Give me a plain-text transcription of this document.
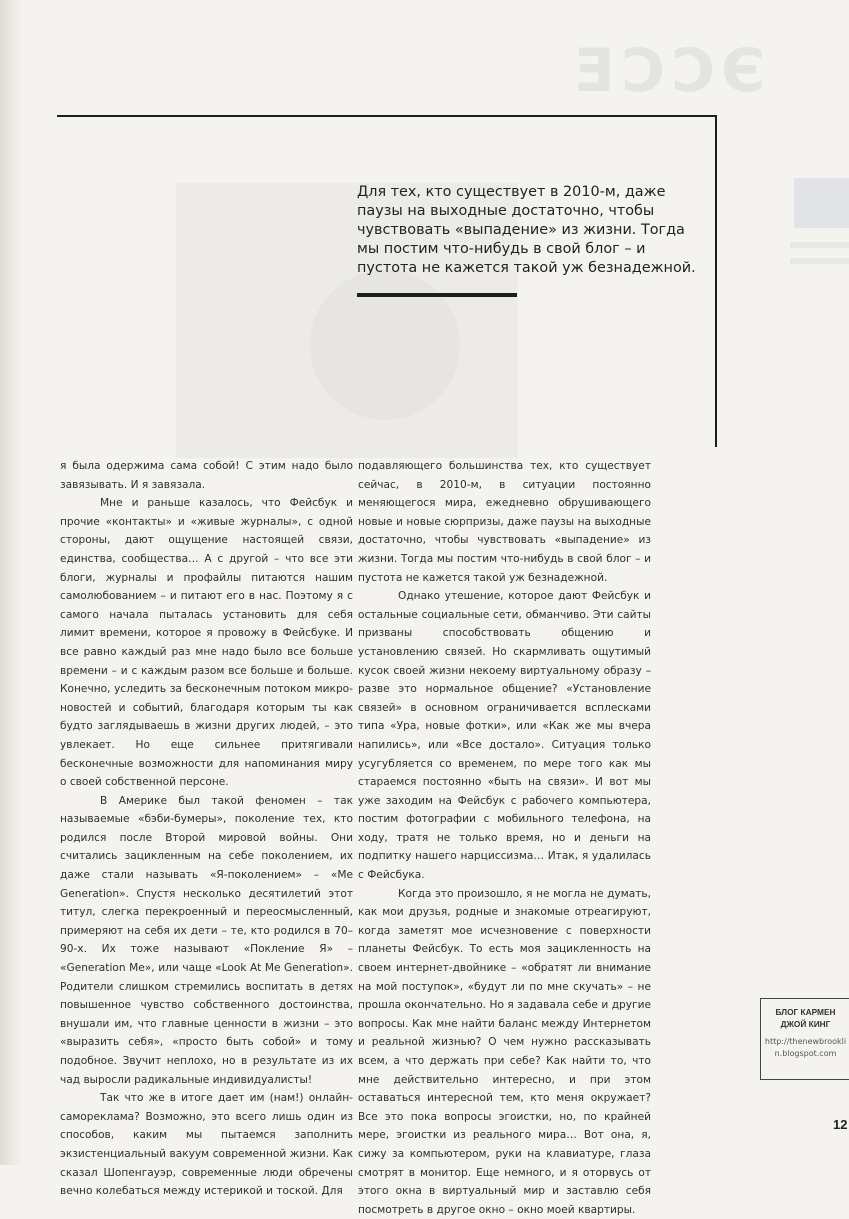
ЭССЕ

Для тех, кто существует в 2010-м, даже паузы на выходные достаточно, чтобы чувствовать «выпадение» из жизни. Тогда мы постим что-нибудь в свой блог – и пустота не кажется такой уж безнадежной.

я была одержима сама собой! С этим надо было завязывать. И я завязала.

Мне и раньше казалось, что Фейсбук и прочие «контакты» и «живые журналы», с одной стороны, дают ощущение настоящей связи, единства, сообщества… А с другой – что все эти блоги, журналы и профайлы питаются нашим самолюбованием – и питают его в нас. Поэтому я с самого начала пыталась установить для себя лимит времени, которое я провожу в Фейсбуке. И все равно каждый раз мне надо было все больше времени – и с каждым разом все больше и больше. Конечно, уследить за бесконечным потоком микро-новостей и событий, благодаря которым ты как будто заглядываешь в жизни других людей, – это увлекает. Но еще сильнее притягивали бесконечные возможности для напоминания миру о своей собственной персоне.

В Америке был такой феномен – так называемые «бэби-бумеры», поколение тех, кто родился после Второй мировой войны. Они считались зацикленным на себе поколением, их даже стали называть «Я-поколением» – «Me Generation». Спустя несколько десятилетий этот титул, слегка перекроенный и переосмысленный, примеряют на себя их дети – те, кто родился в 70–90-х. Их тоже называют «Покление Я» – «Generation Me», или чаще «Look At Me Generation». Родители слишком стремились воспитать в детях повышенное чувство собственного достоинства, внушали им, что главные ценности в жизни – это «выразить себя», «просто быть собой» и тому подобное. Звучит неплохо, но в результате из их чад выросли радикальные индивидуалисты!

Так что же в итоге дает им (нам!) онлайн-самореклама? Возможно, это всего лишь один из способов, каким мы пытаемся заполнить экзистенциальный вакуум современной жизни. Как сказал Шопенгауэр, современные люди обречены вечно колебаться между истерикой и тоской. Для

подавляющего большинства тех, кто существует сейчас, в 2010-м, в ситуации постоянно меняющегося мира, ежедневно обрушивающего новые и новые сюрпризы, даже паузы на выходные достаточно, чтобы чувствовать «выпадение» из жизни. Тогда мы постим что-нибудь в свой блог – и пустота не кажется такой уж безнадежной.

Однако утешение, которое дают Фейсбук и остальные социальные сети, обманчиво. Эти сайты призваны способствовать общению и установлению связей. Но скармливать ощутимый кусок своей жизни некоему виртуальному образу – разве это нормальное общение? «Установление связей» в основном ограничивается всплесками типа «Ура, новые фотки», или «Как же мы вчера напились», или «Все достало». Ситуация только усугубляется со временем, по мере того как мы стараемся постоянно «быть на связи». И вот мы уже заходим на Фейсбук с рабочего компьютера, постим фотографии с мобильного телефона, на ходу, тратя не только время, но и деньги на подпитку нашего нарциссизма… Итак, я удалилась с Фейсбука.

Когда это произошло, я не могла не думать, как мои друзья, родные и знакомые отреагируют, когда заметят мое исчезновение с поверхности планеты Фейсбук. То есть моя зацикленность на своем интернет-двойнике – «обратят ли внимание на мой поступок», «будут ли по мне скучать» – не прошла окончательно. Но я задавала себе и другие вопросы. Как мне найти баланс между Интернетом и реальной жизнью? О чем нужно рассказывать всем, а что держать при себе? Как найти то, что мне действительно интересно, и при этом оставаться интересной тем, кто меня окружает? Все это пока вопросы эгоистки, но, по крайней мере, эгоистки из реального мира… Вот она, я, сижу за компьютером, руки на клавиатуре, глаза смотрят в монитор. Еще немного, и я оторвусь от этого окна в виртуальный мир и заставлю себя посмотреть в другое окно – окно моей квартиры.

БЛОГ КАРМЕН ДЖОЙ КИНГ
http://thenewbrooklin.blogspot.com
12
